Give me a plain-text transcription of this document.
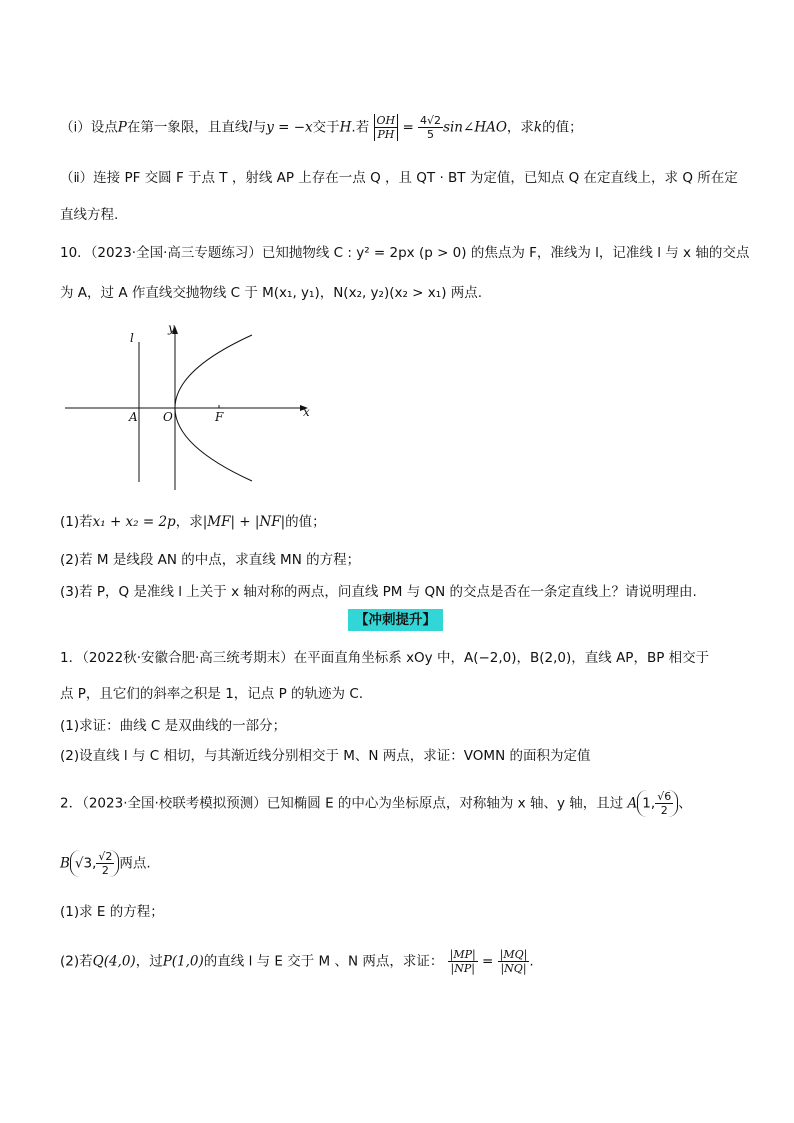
（ⅰ）设点P在第一象限，且直线l与y = −x交于H.若 $\frac{OH}{PH} = \frac{4√2}{5}$ sin∠HAO，求k的值；
（ⅱ）连接 PF 交圆 F 于点 T ，射线 AP 上存在一点 Q ，且 QT · BT 为定值，已知点 Q 在定直线上，求 Q 所在定
直线方程.
10．（2023·全国·高三专题练习）已知抛物线 C : y² = 2px (p > 0) 的焦点为 F，准线为 l，记准线 l 与 x 轴的交点
为 A，过 A 作直线交抛物线 C 于 M(x₁, y₁)，N(x₂, y₂)(x₂ > x₁) 两点.
l
y
x
A O	F
(1)若x₁ + x₂ = 2p，求|MF| + |NF|的值；
(2)若 M 是线段 AN 的中点，求直线 MN 的方程；
(3)若 P，Q 是准线 l 上关于 x 轴对称的两点，问直线 PM 与 QN 的交点是否在一条定直线上？请说明理由.
【冲刺提升】
1．（2022秋·安徽合肥·高三统考期末）在平面直角坐标系 xOy 中，A(−2,0)，B(2,0)，直线 AP，BP 相交于
点 P，且它们的斜率之积是 1，记点 P 的轨迹为 C.
(1)求证：曲线 C 是双曲线的一部分；
(2)设直线 l 与 C 相切，与其渐近线分别相交于 M、N 两点，求证：VOMN 的面积为定值
2．（2023·全国·校联考模拟预测）已知椭圆 E 的中心为坐标原点，对称轴为 x 轴、y 轴，且过 A 1, $\frac{√6}{2}$ 、
B √3, $\frac{√2}{2}$ 两点.
(1)求 E 的方程；
(2)若Q(4,0)，过P(1,0)的直线 l 与 E 交于 M 、N 两点，求证： $\frac{|MP|}{|NP|} = \frac{|MQ|}{|NQ|}$ .
